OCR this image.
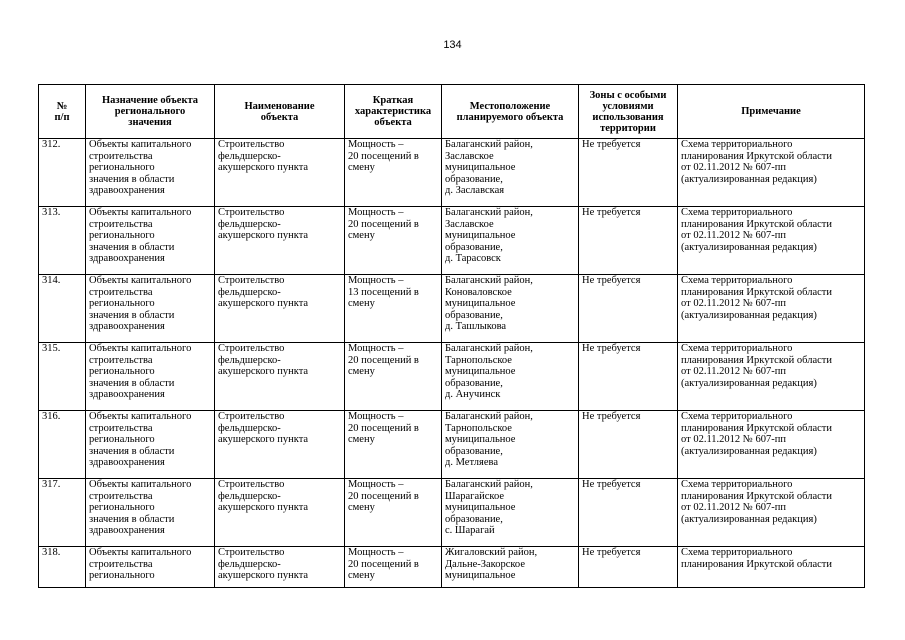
134
№
п/п	Назначение объекта
регионального
значения	Наименование
объекта	Краткая
характеристика
объекта	Местоположение
планируемого объекта	Зоны с особыми
условиями
использования
территории	Примечание

312.	Объекты капитального
строительства
регионального
значения в области
здравоохранения	Строительство
фельдшерско-
акушерского пункта	Мощность –
20 посещений в
смену	Балаганский район,
Заславское
муниципальное
образование,
д. Заславская	Не требуется	Схема территориального
планирования Иркутской области
от 02.11.2012 № 607-пп
(актуализированная редакция)

313.	Объекты капитального
строительства
регионального
значения в области
здравоохранения	Строительство
фельдшерско-
акушерского пункта	Мощность –
20 посещений в
смену	Балаганский район,
Заславское
муниципальное
образование,
д. Тарасовск	Не требуется	Схема территориального
планирования Иркутской области
от 02.11.2012 № 607-пп
(актуализированная редакция)

314.	Объекты капитального
строительства
регионального
значения в области
здравоохранения	Строительство
фельдшерско-
акушерского пункта	Мощность –
13 посещений в
смену	Балаганский район,
Коноваловское
муниципальное
образование,
д. Ташлыкова	Не требуется	Схема территориального
планирования Иркутской области
от 02.11.2012 № 607-пп
(актуализированная редакция)

315.	Объекты капитального
строительства
регионального
значения в области
здравоохранения	Строительство
фельдшерско-
акушерского пункта	Мощность –
20 посещений в
смену	Балаганский район,
Тарнопольское
муниципальное
образование,
д. Анучинск	Не требуется	Схема территориального
планирования Иркутской области
от 02.11.2012 № 607-пп
(актуализированная редакция)

316.	Объекты капитального
строительства
регионального
значения в области
здравоохранения	Строительство
фельдшерско-
акушерского пункта	Мощность –
20 посещений в
смену	Балаганский район,
Тарнопольское
муниципальное
образование,
д. Метляева	Не требуется	Схема территориального
планирования Иркутской области
от 02.11.2012 № 607-пп
(актуализированная редакция)

317.	Объекты капитального
строительства
регионального
значения в области
здравоохранения	Строительство
фельдшерско-
акушерского пункта	Мощность –
20 посещений в
смену	Балаганский район,
Шарагайское
муниципальное
образование,
с. Шарагай	Не требуется	Схема территориального
планирования Иркутской области
от 02.11.2012 № 607-пп
(актуализированная редакция)

318.	Объекты капитального
строительства
регионального	Строительство
фельдшерско-
акушерского пункта	Мощность –
20 посещений в
смену	Жигаловский район,
Дальне-Закорское
муниципальное	Не требуется	Схема территориального
планирования Иркутской области
